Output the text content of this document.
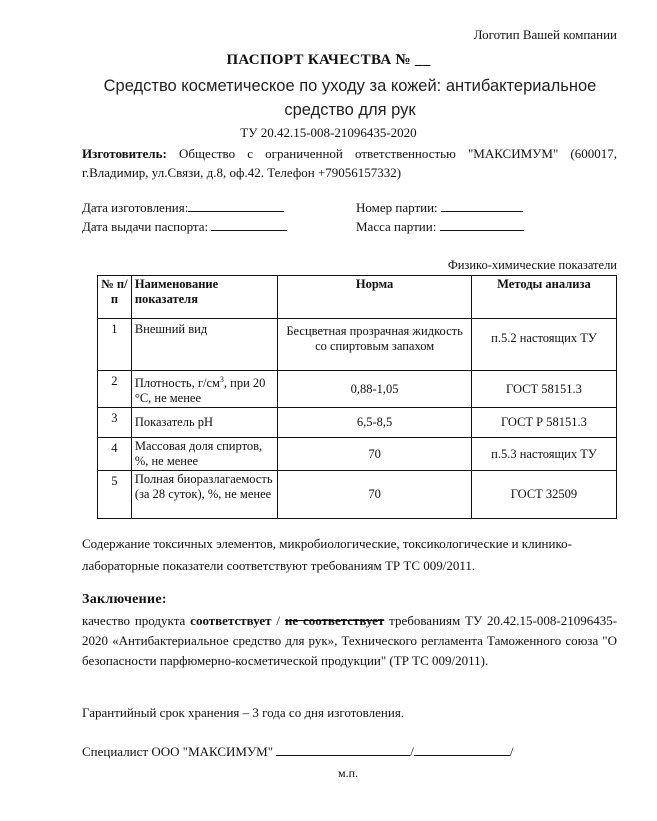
Логотип Вашей компании
ПАСПОРТ КАЧЕСТВА № __
Средство косметическое по уходу за кожей: антибактериальное средство для рук
ТУ 20.42.15-008-21096435-2020
Изготовитель: Общество с ограниченной ответственностью "МАКСИМУМ" (600017, г.Владимир, ул.Связи, д.8, оф.42. Телефон +79056157332)
Дата изготовления:
Дата выдачи паспорта:
Номер партии:
Масса партии:
Физико-химические показатели
№ п/п	Наименование показателя	Норма	Методы анализа
1	Внешний вид	Бесцветная прозрачная жидкость со спиртовым запахом	п.5.2 настоящих ТУ
2	Плотность, $г/см^3$, при 20 °С, не менее	0,88-1,05	ГОСТ 58151.3
3	Показатель рН	6,5-8,5	ГОСТ Р 58151.3
4	Массовая доля спиртов, %, не менее	70	п.5.3 настоящих ТУ
5	Полная биоразлагаемость (за 28 суток), %, не менее	70	ГОСТ 32509
Содержание токсичных элементов, микробиологические, токсикологические и клинико-лабораторные показатели соответствуют требованиям ТР ТС 009/2011.
Заключение:
качество продукта соответствует / не соответствует требованиям ТУ 20.42.15-008-21096435-2020 «Антибактериальное средство для рук», Технического регламента Таможенного союза "О безопасности парфюмерно-косметической продукции" (ТР ТС 009/2011).
Гарантийный срок хранения – 3 года со дня изготовления.
Специалист ООО "МАКСИМУМ"	/	/
м.п.
